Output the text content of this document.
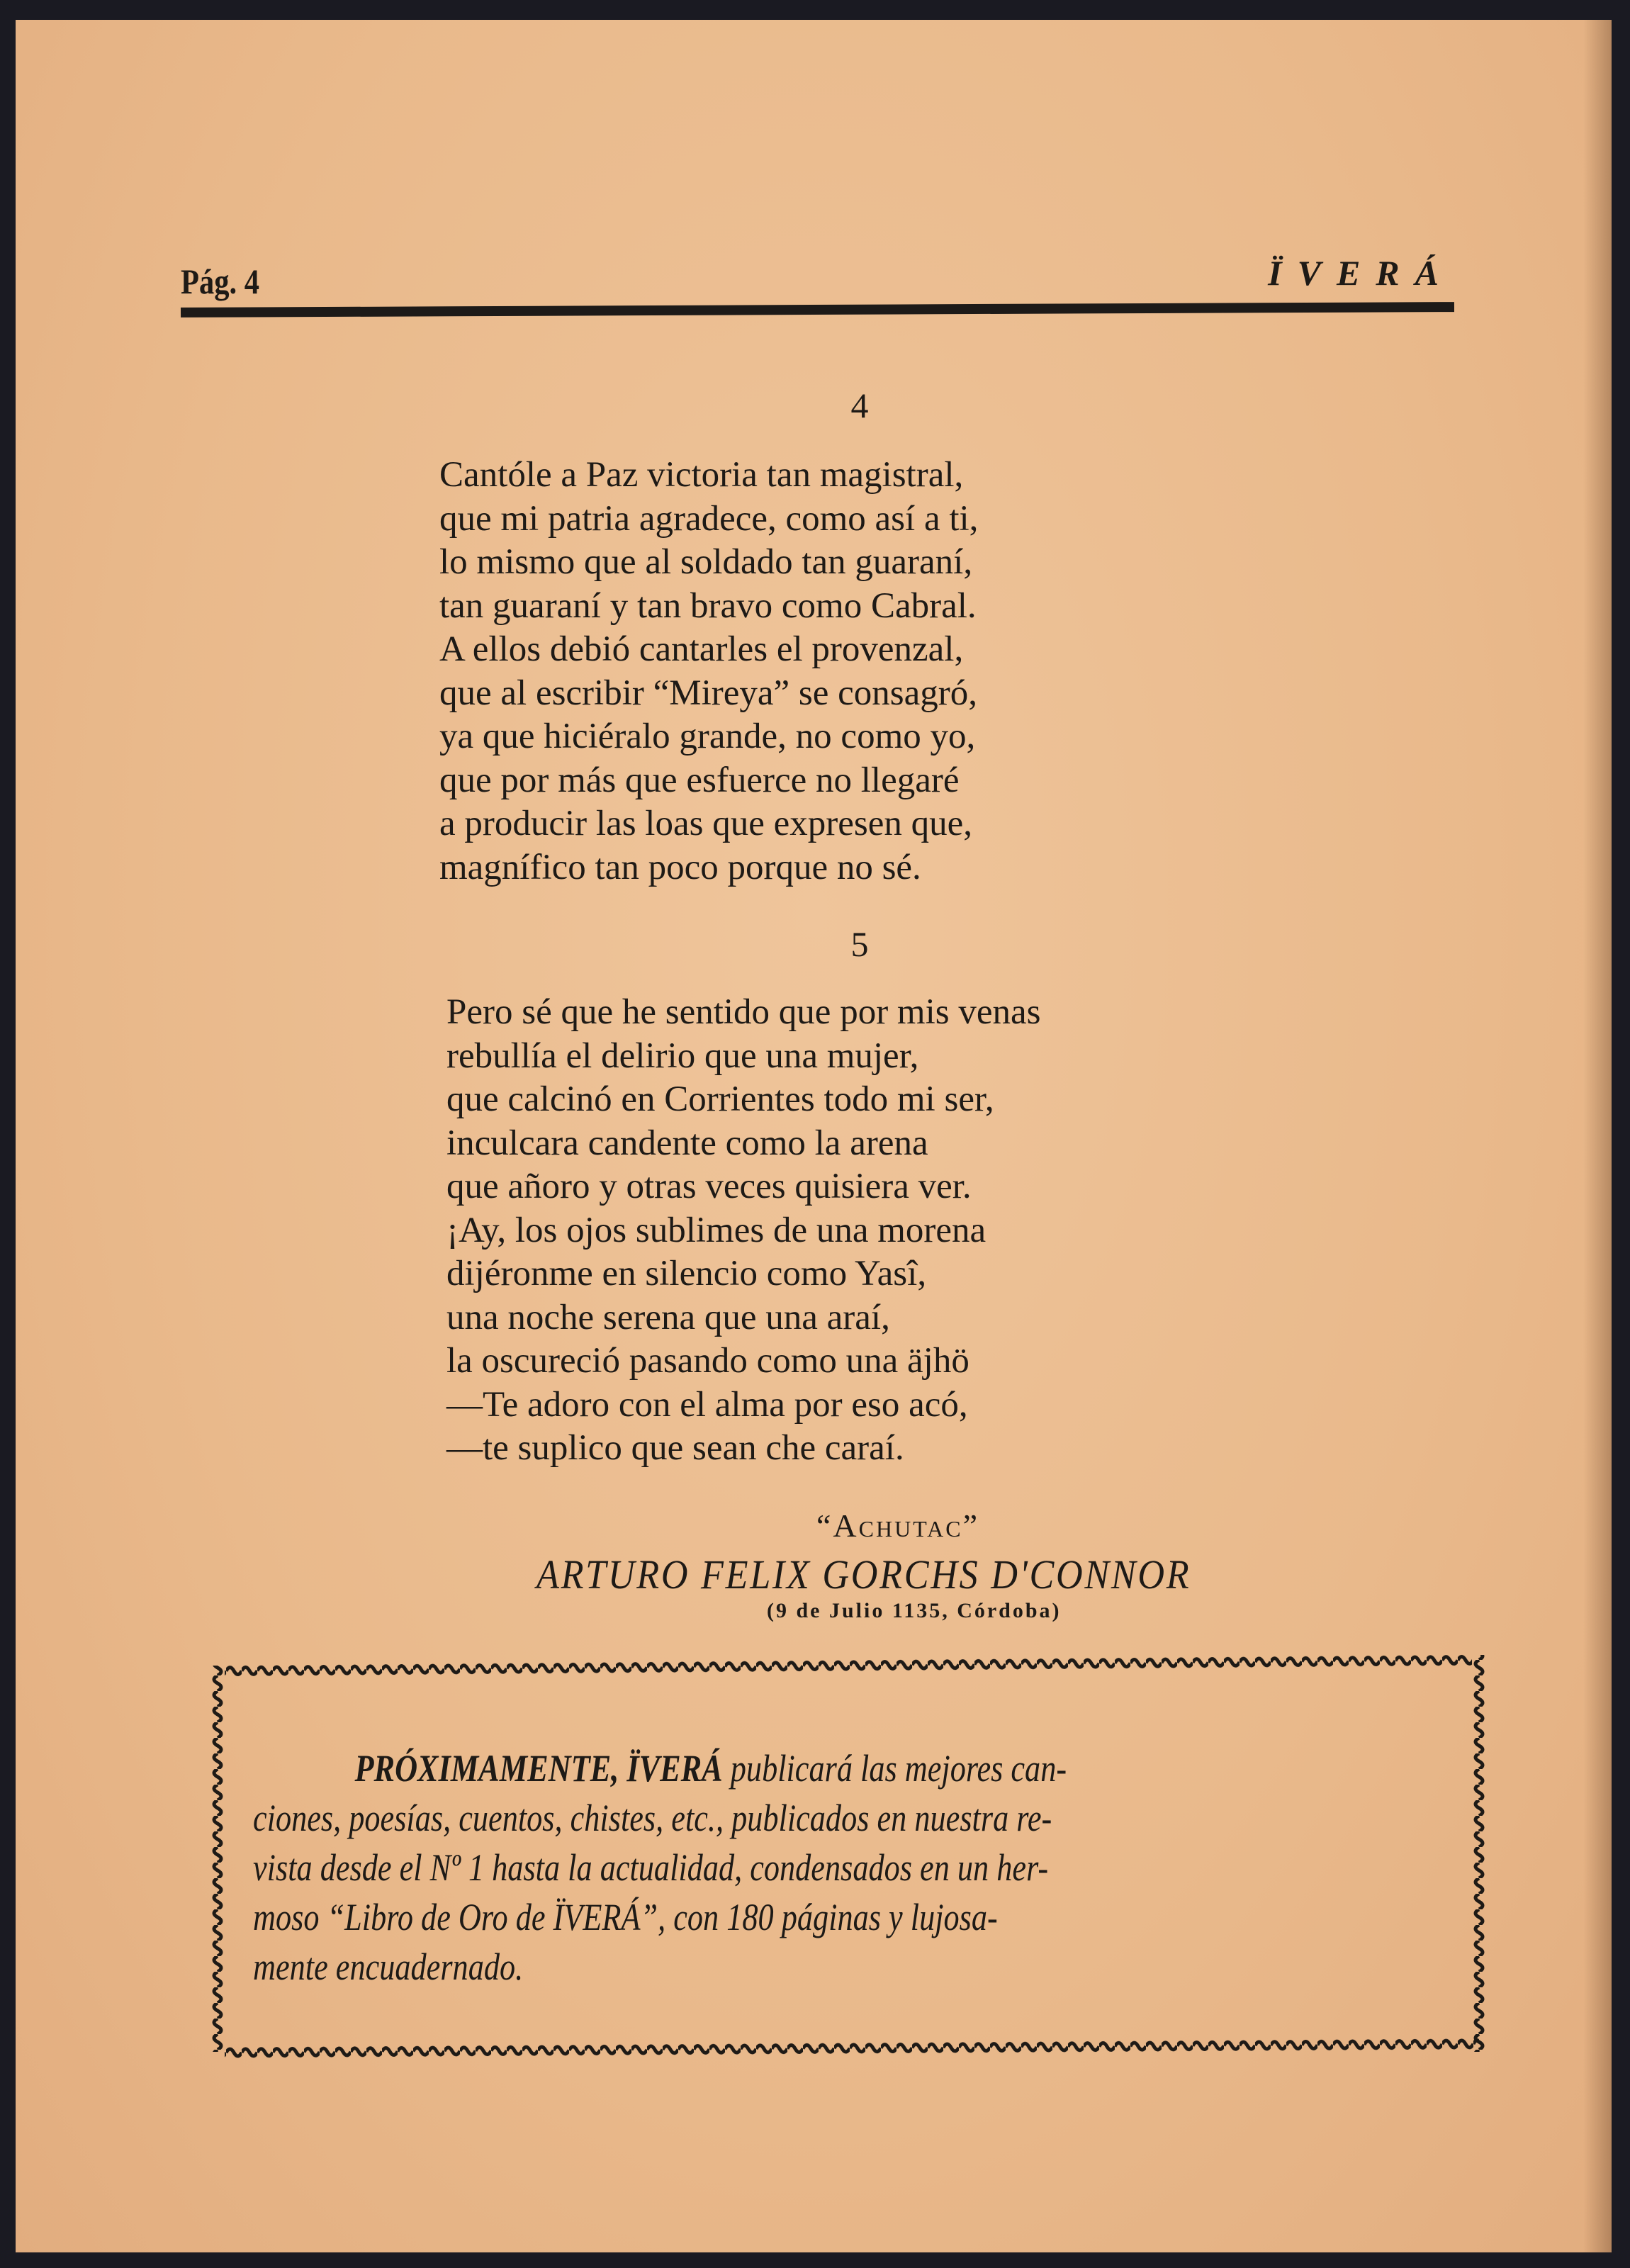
Pág. 4	ÏVERÁ
4
Cantóle a Paz victoria tan magistral,
que mi patria agradece, como así a ti,
lo mismo que al soldado tan guaraní,
tan guaraní y tan bravo como Cabral.
A ellos debió cantarles el provenzal,
que al escribir “Mireya” se consagró,
ya que hiciéralo grande, no como yo,
que por más que esfuerce no llegaré
a producir las loas que expresen que,
magnífico tan poco porque no sé.
5
Pero sé que he sentido que por mis venas
rebullía el delirio que una mujer,
que calcinó en Corrientes todo mi ser,
inculcara candente como la arena
que añoro y otras veces quisiera ver.
¡Ay, los ojos sublimes de una morena
dijéronme en silencio como Yasî,
una noche serena que una araí,
la oscureció pasando como una äjhö
—Te adoro con el alma por eso acó,
—te suplico que sean che caraí.
“Achutac”
ARTURO FELIX GORCHS D'CONNOR
(9 de Julio 1135, Córdoba)
PRÓXIMAMENTE, ÏVERÁ publicará las mejores can-
ciones, poesías, cuentos, chistes, etc., publicados en nuestra re-
vista desde el Nº 1 hasta la actualidad, condensados en un her-
moso “Libro de Oro de ÏVERÁ”, con 180 páginas y lujosa-
mente encuadernado.
